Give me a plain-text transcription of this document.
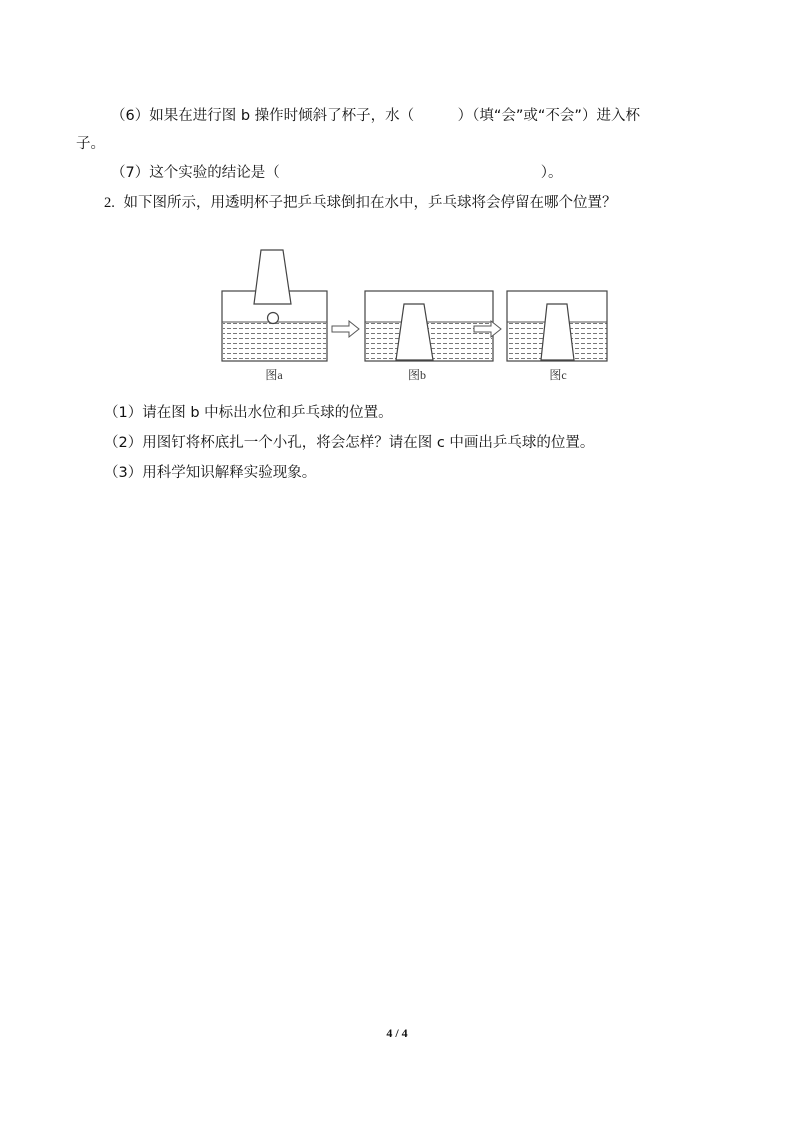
（6）如果在进行图 b 操作时倾斜了杯子，水（　　　）（填“会”或“不会”）进入杯
子。
（7）这个实验的结论是（　　　　　　　　　　　　　　　　　　）。
2. 如下图所示，用透明杯子把乒乓球倒扣在水中，乒乓球将会停留在哪个位置？
图a	图b	图c
（1）请在图 b 中标出水位和乒乓球的位置。
（2）用图钉将杯底扎一个小孔，将会怎样？请在图 c 中画出乒乓球的位置。
（3）用科学知识解释实验现象。
4 / 4
